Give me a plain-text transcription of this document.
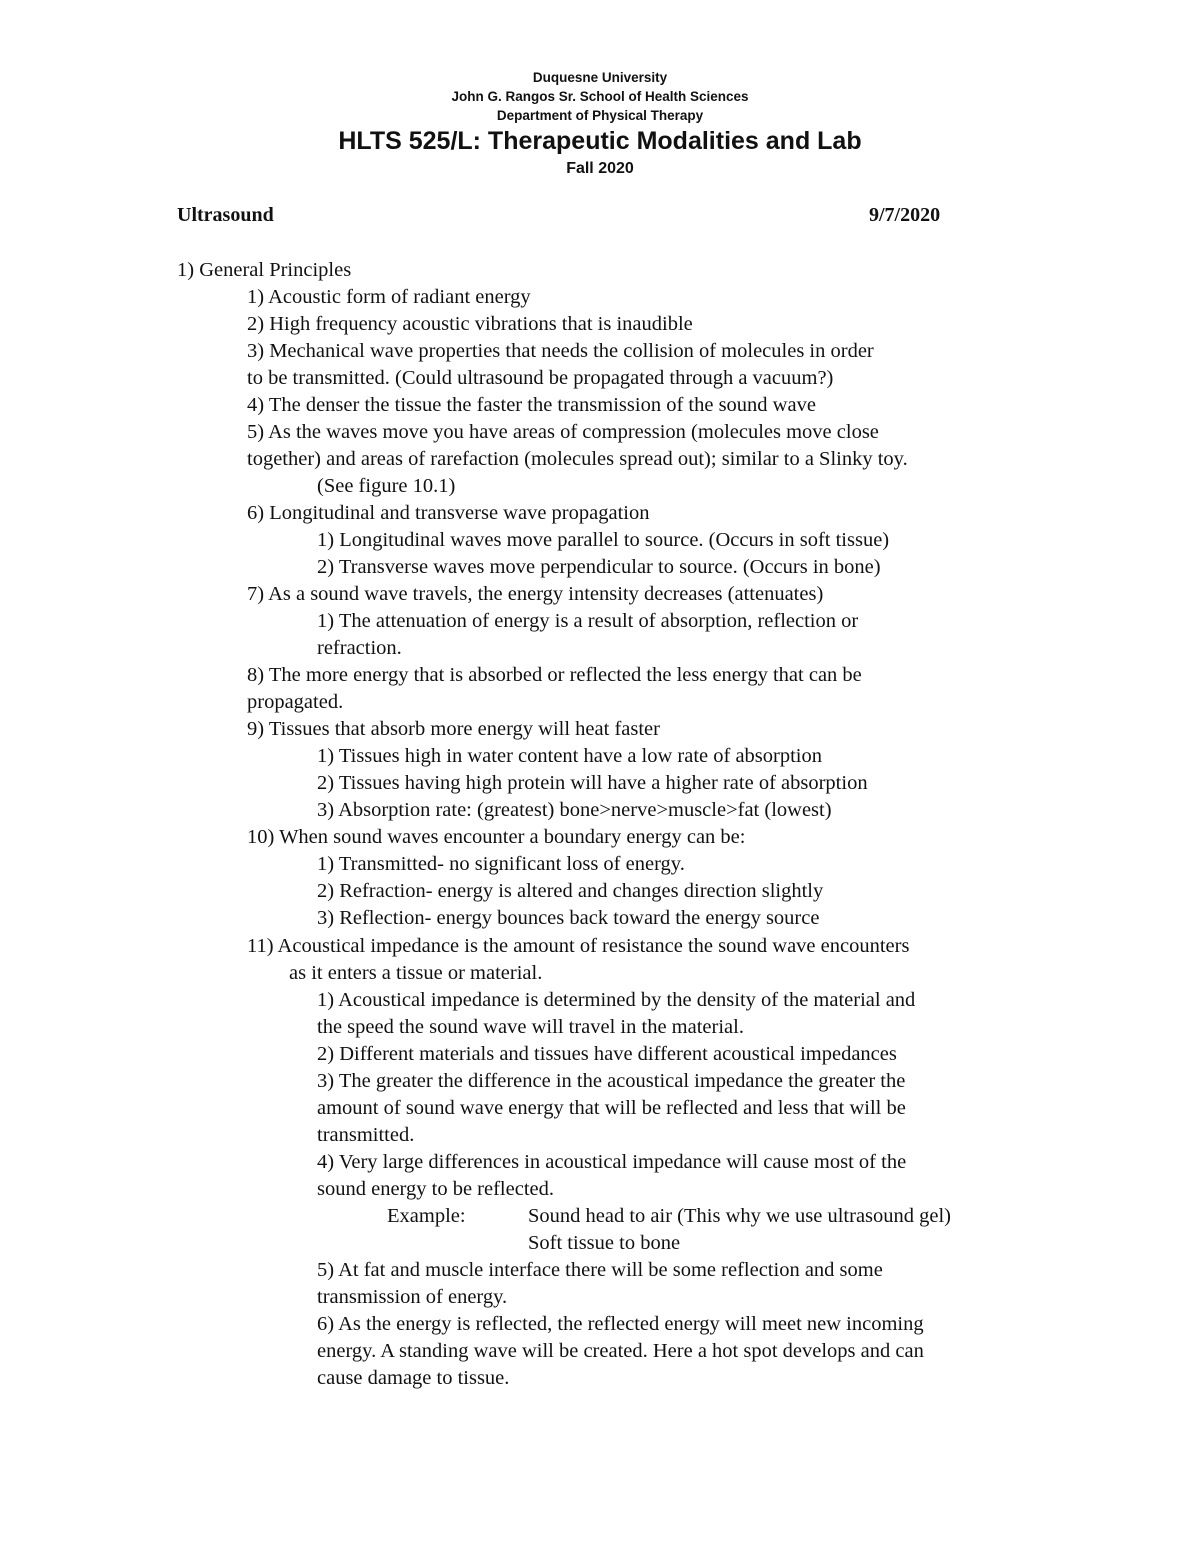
Duquesne University
John G. Rangos Sr. School of Health Sciences
Department of Physical Therapy
HLTS 525/L: Therapeutic Modalities and Lab
Fall 2020
Ultrasound	9/7/2020
1) General Principles
1) Acoustic form of radiant energy
2) High frequency acoustic vibrations that is inaudible
3) Mechanical wave properties that needs the collision of molecules in order
to be transmitted. (Could ultrasound be propagated through a vacuum?)
4) The denser the tissue the faster the transmission of the sound wave
5) As the waves move you have areas of compression (molecules move close
together) and areas of rarefaction (molecules spread out); similar to a Slinky toy.
(See figure 10.1)
6) Longitudinal and transverse wave propagation
1) Longitudinal waves move parallel to source. (Occurs in soft tissue)
2) Transverse waves move perpendicular to source. (Occurs in bone)
7) As a sound wave travels, the energy intensity decreases (attenuates)
1) The attenuation of energy is a result of absorption, reflection or
refraction.
8) The more energy that is absorbed or reflected the less energy that can be
propagated.
9) Tissues that absorb more energy will heat faster
1) Tissues high in water content have a low rate of absorption
2) Tissues having high protein will have a higher rate of absorption
3) Absorption rate: (greatest) bone>nerve>muscle>fat (lowest)
10) When sound waves encounter a boundary energy can be:
1) Transmitted- no significant loss of energy.
2) Refraction- energy is altered and changes direction slightly
3) Reflection- energy bounces back toward the energy source
11) Acoustical impedance is the amount of resistance the sound wave encounters
as it enters a tissue or material.
1) Acoustical impedance is determined by the density of the material and
the speed the sound wave will travel in the material.
2) Different materials and tissues have different acoustical impedances
3) The greater the difference in the acoustical impedance the greater the
amount of sound wave energy that will be reflected and less that will be
transmitted.
4) Very large differences in acoustical impedance will cause most of the
sound energy to be reflected.
Example:	Sound head to air (This why we use ultrasound gel)
Soft tissue to bone
5) At fat and muscle interface there will be some reflection and some
transmission of energy.
6) As the energy is reflected, the reflected energy will meet new incoming
energy. A standing wave will be created. Here a hot spot develops and can
cause damage to tissue.
